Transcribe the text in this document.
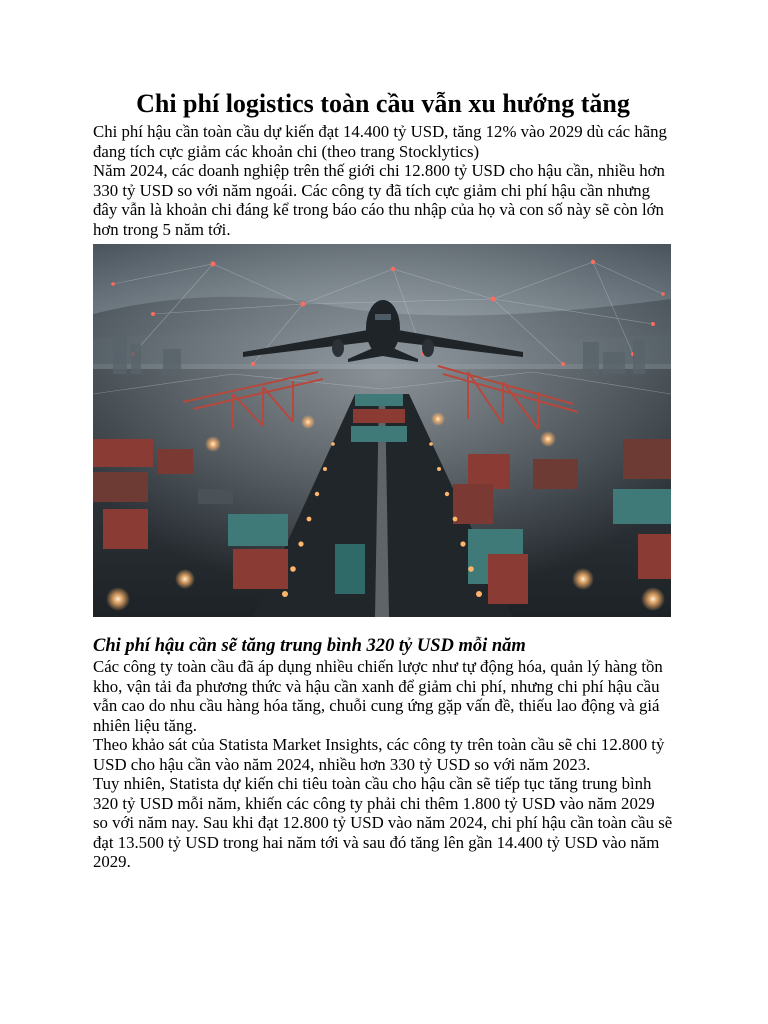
Chi phí logistics toàn cầu vẫn xu hướng tăng

Chi phí hậu cần toàn cầu dự kiến đạt 14.400 tỷ USD, tăng 12% vào 2029 dù các hãng đang tích cực giảm các khoản chi (theo trang Stocklytics)

Năm 2024, các doanh nghiệp trên thế giới chi 12.800 tỷ USD cho hậu cần, nhiều hơn 330 tỷ USD so với năm ngoái. Các công ty đã tích cực giảm chi phí hậu cần nhưng đây vẫn là khoản chi đáng kể trong báo cáo thu nhập của họ và con số này sẽ còn lớn hơn trong 5 năm tới.

Chi phí hậu cần sẽ tăng trung bình 320 tỷ USD mỗi năm

Các công ty toàn cầu đã áp dụng nhiều chiến lược như tự động hóa, quản lý hàng tồn kho, vận tải đa phương thức và hậu cần xanh để giảm chi phí, nhưng chi phí hậu cầu vẫn cao do nhu cầu hàng hóa tăng, chuỗi cung ứng gặp vấn đề, thiếu lao động và giá nhiên liệu tăng.

Theo khảo sát của Statista Market Insights, các công ty trên toàn cầu sẽ chi 12.800 tỷ USD cho hậu cần vào năm 2024, nhiều hơn 330 tỷ USD so với năm 2023.

Tuy nhiên, Statista dự kiến chi tiêu toàn cầu cho hậu cần sẽ tiếp tục tăng trung bình 320 tỷ USD mỗi năm, khiến các công ty phải chi thêm 1.800 tỷ USD vào năm 2029 so với năm nay. Sau khi đạt 12.800 tỷ USD vào năm 2024, chi phí hậu cần toàn cầu sẽ đạt 13.500 tỷ USD trong hai năm tới và sau đó tăng lên gần 14.400 tỷ USD vào năm 2029.
